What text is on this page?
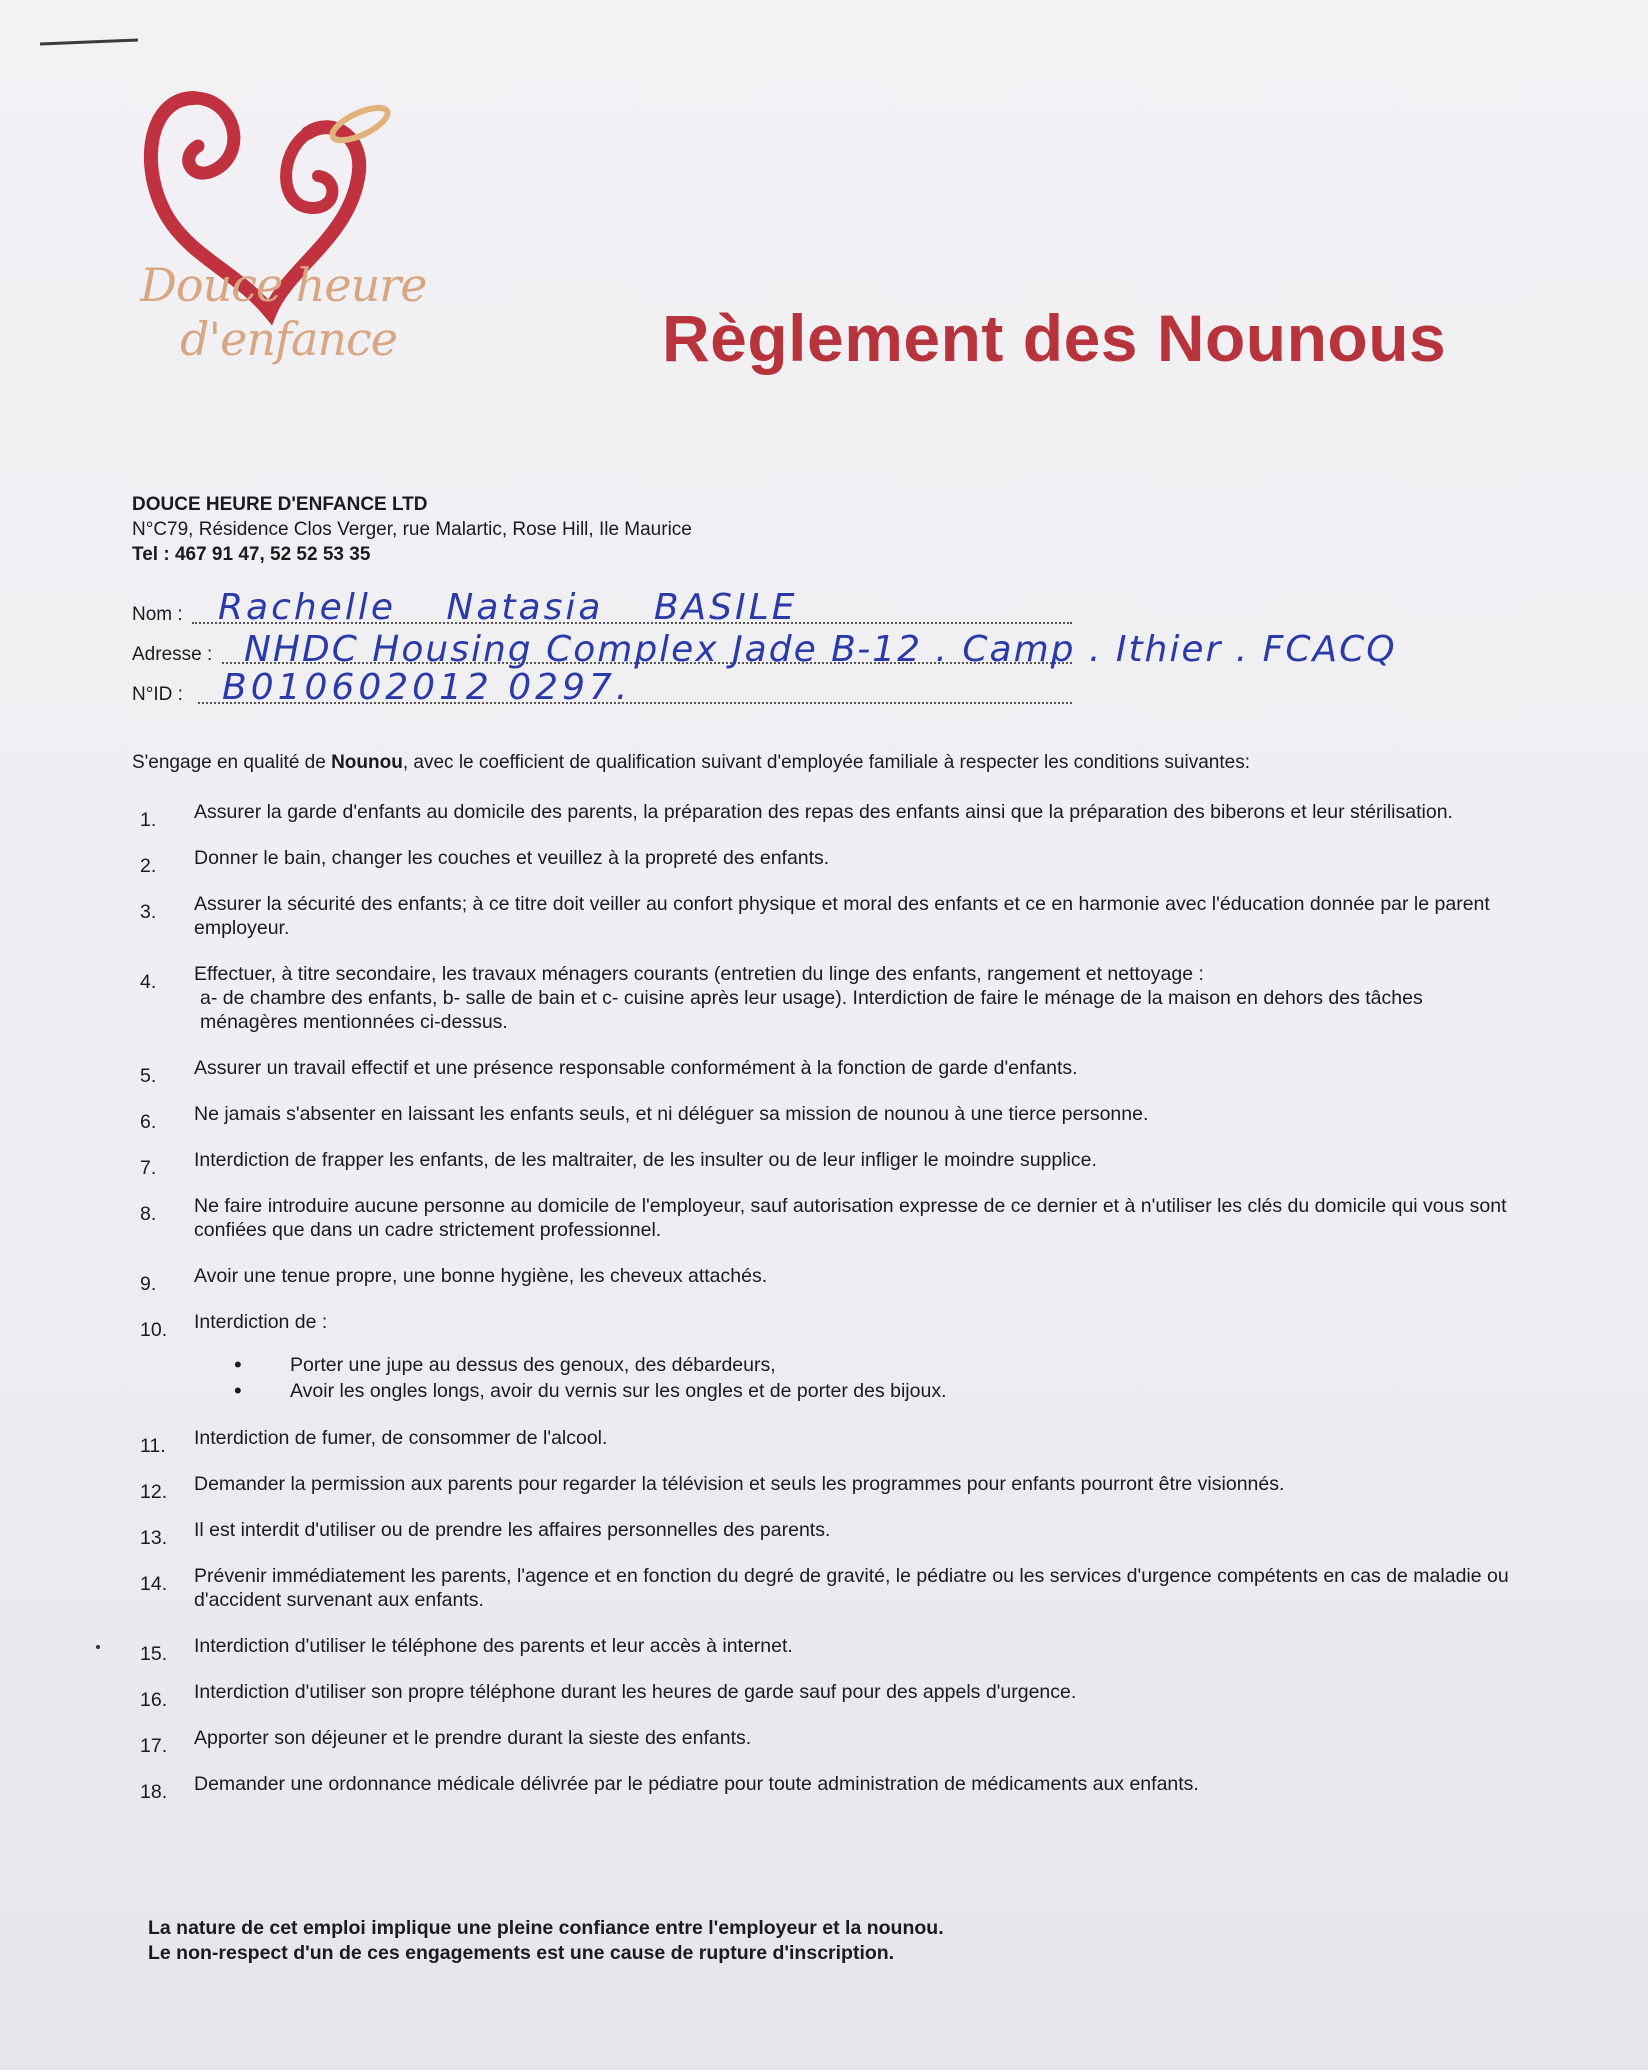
Douce heure
d'enfance	Règlement des Nounous
DOUCE HEURE D'ENFANCE LTD
N°C79, Résidence Clos Verger, rue Malartic, Rose Hill, Ile Maurice
Tel : 467 91 47, 52 52 53 35
Nom : Rachelle Natasia BASILE
Adresse : NHDC Housing Complex Jade B-12 . Camp . Ithier . FCACQ
N°ID : B010602012 0297.
S'engage en qualité de Nounou, avec le coefficient de qualification suivant d'employée familiale à respecter les conditions suivantes:
1.	Assurer la garde d'enfants au domicile des parents, la préparation des repas des enfants ainsi que la préparation des biberons et leur stérilisation.
2.	Donner le bain, changer les couches et veuillez à la propreté des enfants.
3.	Assurer la sécurité des enfants; à ce titre doit veiller au confort physique et moral des enfants et ce en harmonie avec l'éducation donnée par le parent employeur.
4.	Effectuer, à titre secondaire, les travaux ménagers courants (entretien du linge des enfants, rangement et nettoyage :
a- de chambre des enfants, b- salle de bain et c- cuisine après leur usage). Interdiction de faire le ménage de la maison en dehors des tâches ménagères mentionnées ci-dessus.
5.	Assurer un travail effectif et une présence responsable conformément à la fonction de garde d'enfants.
6.	Ne jamais s'absenter en laissant les enfants seuls, et ni déléguer sa mission de nounou à une tierce personne.
7.	Interdiction de frapper les enfants, de les maltraiter, de les insulter ou de leur infliger le moindre supplice.
8.	Ne faire introduire aucune personne au domicile de l'employeur, sauf autorisation expresse de ce dernier et à n'utiliser les clés du domicile qui vous sont confiées que dans un cadre strictement professionnel.
9.	Avoir une tenue propre, une bonne hygiène, les cheveux attachés.
10.	Interdiction de :
• Porter une jupe au dessus des genoux, des débardeurs,
• Avoir les ongles longs, avoir du vernis sur les ongles et de porter des bijoux.
11.	Interdiction de fumer, de consommer de l'alcool.
12.	Demander la permission aux parents pour regarder la télévision et seuls les programmes pour enfants pourront être visionnés.
13.	Il est interdit d'utiliser ou de prendre les affaires personnelles des parents.
14.	Prévenir immédiatement les parents, l'agence et en fonction du degré de gravité, le pédiatre ou les services d'urgence compétents en cas de maladie ou d'accident survenant aux enfants.
15.	Interdiction d'utiliser le téléphone des parents et leur accès à internet.
16.	Interdiction d'utiliser son propre téléphone durant les heures de garde sauf pour des appels d'urgence.
17.	Apporter son déjeuner et le prendre durant la sieste des enfants.
18.	Demander une ordonnance médicale délivrée par le pédiatre pour toute administration de médicaments aux enfants.
La nature de cet emploi implique une pleine confiance entre l'employeur et la nounou.
Le non-respect d'un de ces engagements est une cause de rupture d'inscription.
